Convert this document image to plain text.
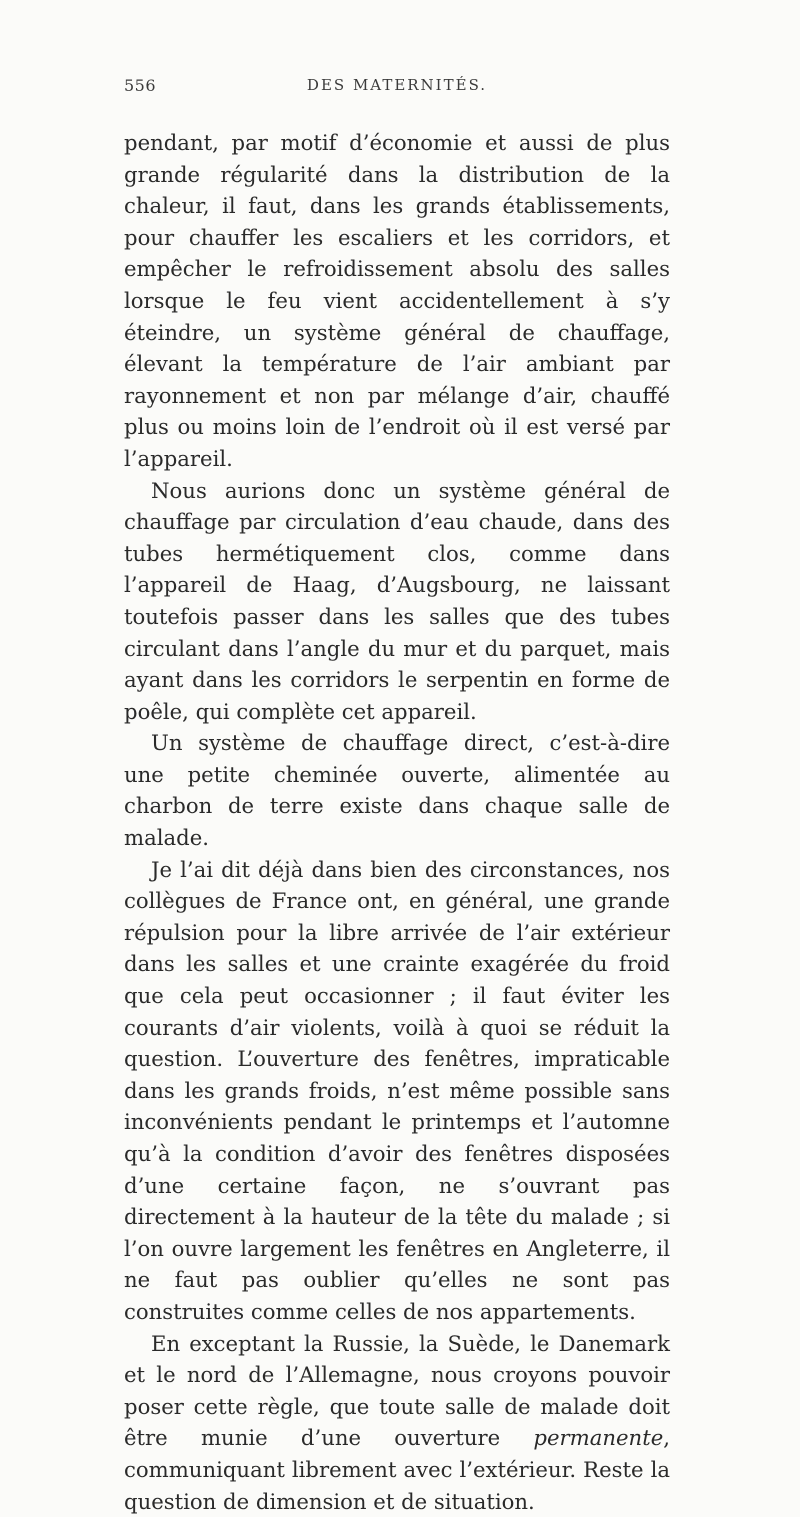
556	DES MATERNITÉS.

pendant, par motif d’économie et aussi de plus grande régularité dans la distribution de la chaleur, il faut, dans les grands établissements, pour chauffer les escaliers et les corridors, et empêcher le refroidissement absolu des salles lorsque le feu vient accidentellement à s’y éteindre, un système général de chauffage, élevant la température de l’air ambiant par rayonnement et non par mélange d’air, chauffé plus ou moins loin de l’endroit où il est versé par l’appareil.

Nous aurions donc un système général de chauffage par circulation d’eau chaude, dans des tubes hermétiquement clos, comme dans l’appareil de Haag, d’Augsbourg, ne laissant toutefois passer dans les salles que des tubes circulant dans l’angle du mur et du parquet, mais ayant dans les corridors le serpentin en forme de poêle, qui complète cet appareil.

Un système de chauffage direct, c’est-à-dire une petite cheminée ouverte, alimentée au charbon de terre existe dans chaque salle de malade.

Je l’ai dit déjà dans bien des circonstances, nos collègues de France ont, en général, une grande répulsion pour la libre arrivée de l’air extérieur dans les salles et une crainte exagérée du froid que cela peut occasionner ; il faut éviter les courants d’air violents, voilà à quoi se réduit la question. L’ouverture des fenêtres, impraticable dans les grands froids, n’est même possible sans inconvénients pendant le printemps et l’automne qu’à la condition d’avoir des fenêtres disposées d’une certaine façon, ne s’ouvrant pas directement à la hauteur de la tête du malade ; si l’on ouvre largement les fenêtres en Angleterre, il ne faut pas oublier qu’elles ne sont pas construites comme celles de nos appartements.

En exceptant la Russie, la Suède, le Danemark et le nord de l’Allemagne, nous croyons pouvoir poser cette règle, que toute salle de malade doit être munie d’une ouverture permanente, communiquant librement avec l’extérieur. Reste la question de dimension et de situation.
